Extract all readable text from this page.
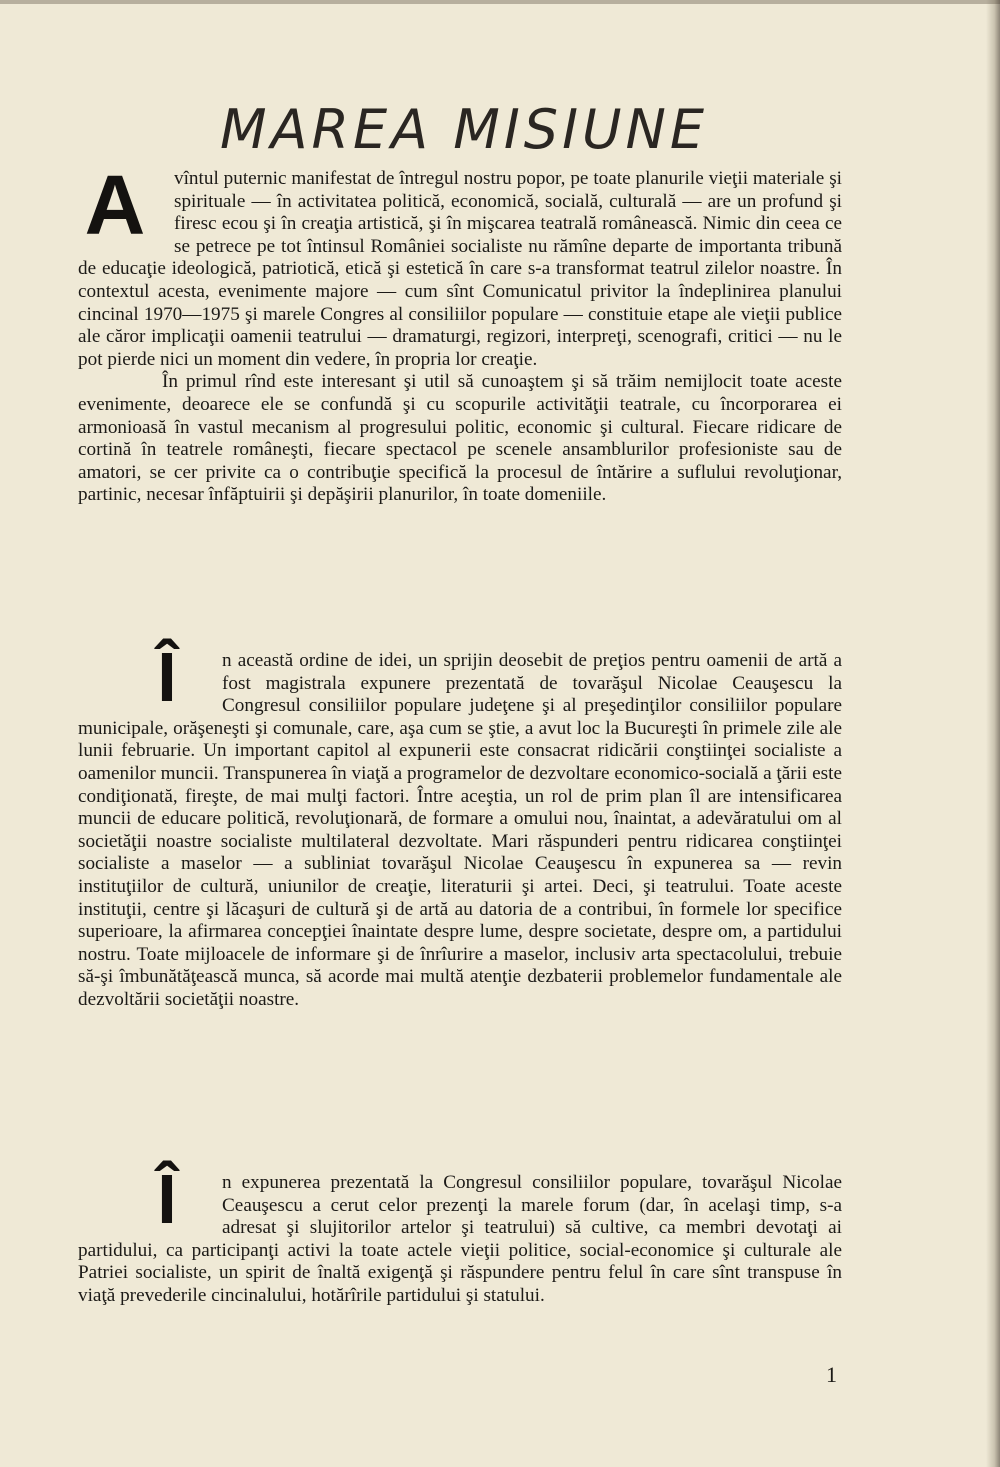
MAREA MISIUNE
A	vîntul puternic manifestat de întregul nostru popor, pe toate planurile vieţii materiale şi spirituale — în activitatea politică, economică, socială, culturală — are un profund şi firesc ecou şi în creaţia artistică, şi în mişcarea teatrală românească. Nimic din ceea ce se petrece pe tot întinsul României socialiste nu rămîne departe de importanta tribună de educaţie ideologică, patriotică, etică şi estetică în care s-a transformat teatrul zilelor noastre. În contextul acesta, evenimente majore — cum sînt Comunicatul privitor la îndeplinirea planului cincinal 1970—1975 şi marele Congres al consiliilor populare — constituie etape ale vieţii publice ale căror implicaţii oamenii teatrului — dramaturgi, regizori, interpreţi, scenografi, critici — nu le pot pierde nici un moment din vedere, în propria lor creaţie.

În primul rînd este interesant şi util să cunoaştem şi să trăim nemijlocit toate aceste evenimente, deoarece ele se confundă şi cu scopurile activităţii teatrale, cu încorporarea ei armonioasă în vastul mecanism al progresului politic, economic şi cultural. Fiecare ridicare de cortină în teatrele româneşti, fiecare spectacol pe scenele ansamblurilor profesioniste sau de amatori, se cer privite ca o contribuţie specifică la procesul de întărire a suflului revoluţionar, partinic, necesar înfăptuirii şi depăşirii planurilor, în toate domeniile.

Î	n această ordine de idei, un sprijin deosebit de preţios pentru oamenii de artă a fost magistrala expunere prezentată de tovarăşul Nicolae Ceauşescu la Congresul consiliilor populare judeţene şi al preşedinţilor consiliilor populare municipale, orăşeneşti şi comunale, care, aşa cum se ştie, a avut loc la Bucureşti în primele zile ale lunii februarie. Un important capitol al expunerii este consacrat ridicării conştiinţei socialiste a oamenilor muncii. Transpunerea în viaţă a programelor de dezvoltare economico-socială a ţării este condiţionată, fireşte, de mai mulţi factori. Între aceştia, un rol de prim plan îl are intensificarea muncii de educare politică, revoluţionară, de formare a omului nou, înaintat, a adevăratului om al societăţii noastre socialiste multilateral dezvoltate. Mari răspunderi pentru ridicarea conştiinţei socialiste a maselor — a subliniat tovarăşul Nicolae Ceauşescu în expunerea sa — revin instituţiilor de cultură, uniunilor de creaţie, literaturii şi artei. Deci, şi teatrului. Toate aceste instituţii, centre şi lăcaşuri de cultură şi de artă au datoria de a contribui, în formele lor specifice superioare, la afirmarea concepţiei înaintate despre lume, despre societate, despre om, a partidului nostru. Toate mijloacele de informare şi de înrîurire a maselor, inclusiv arta spectacolului, trebuie să-şi îmbunătăţească munca, să acorde mai multă atenţie dezbaterii problemelor fundamentale ale dezvoltării societăţii noastre.

Î	n expunerea prezentată la Congresul consiliilor populare, tovarăşul Nicolae Ceauşescu a cerut celor prezenţi la marele forum (dar, în acelaşi timp, s-a adresat şi slujitorilor artelor şi teatrului) să cultive, ca membri devotaţi ai partidului, ca participanţi activi la toate actele vieţii politice, social-economice şi culturale ale Patriei socialiste, un spirit de înaltă exigenţă şi răspundere pentru felul în care sînt transpuse în viaţă prevederile cincinalului, hotărîrile partidului şi statului.

1
